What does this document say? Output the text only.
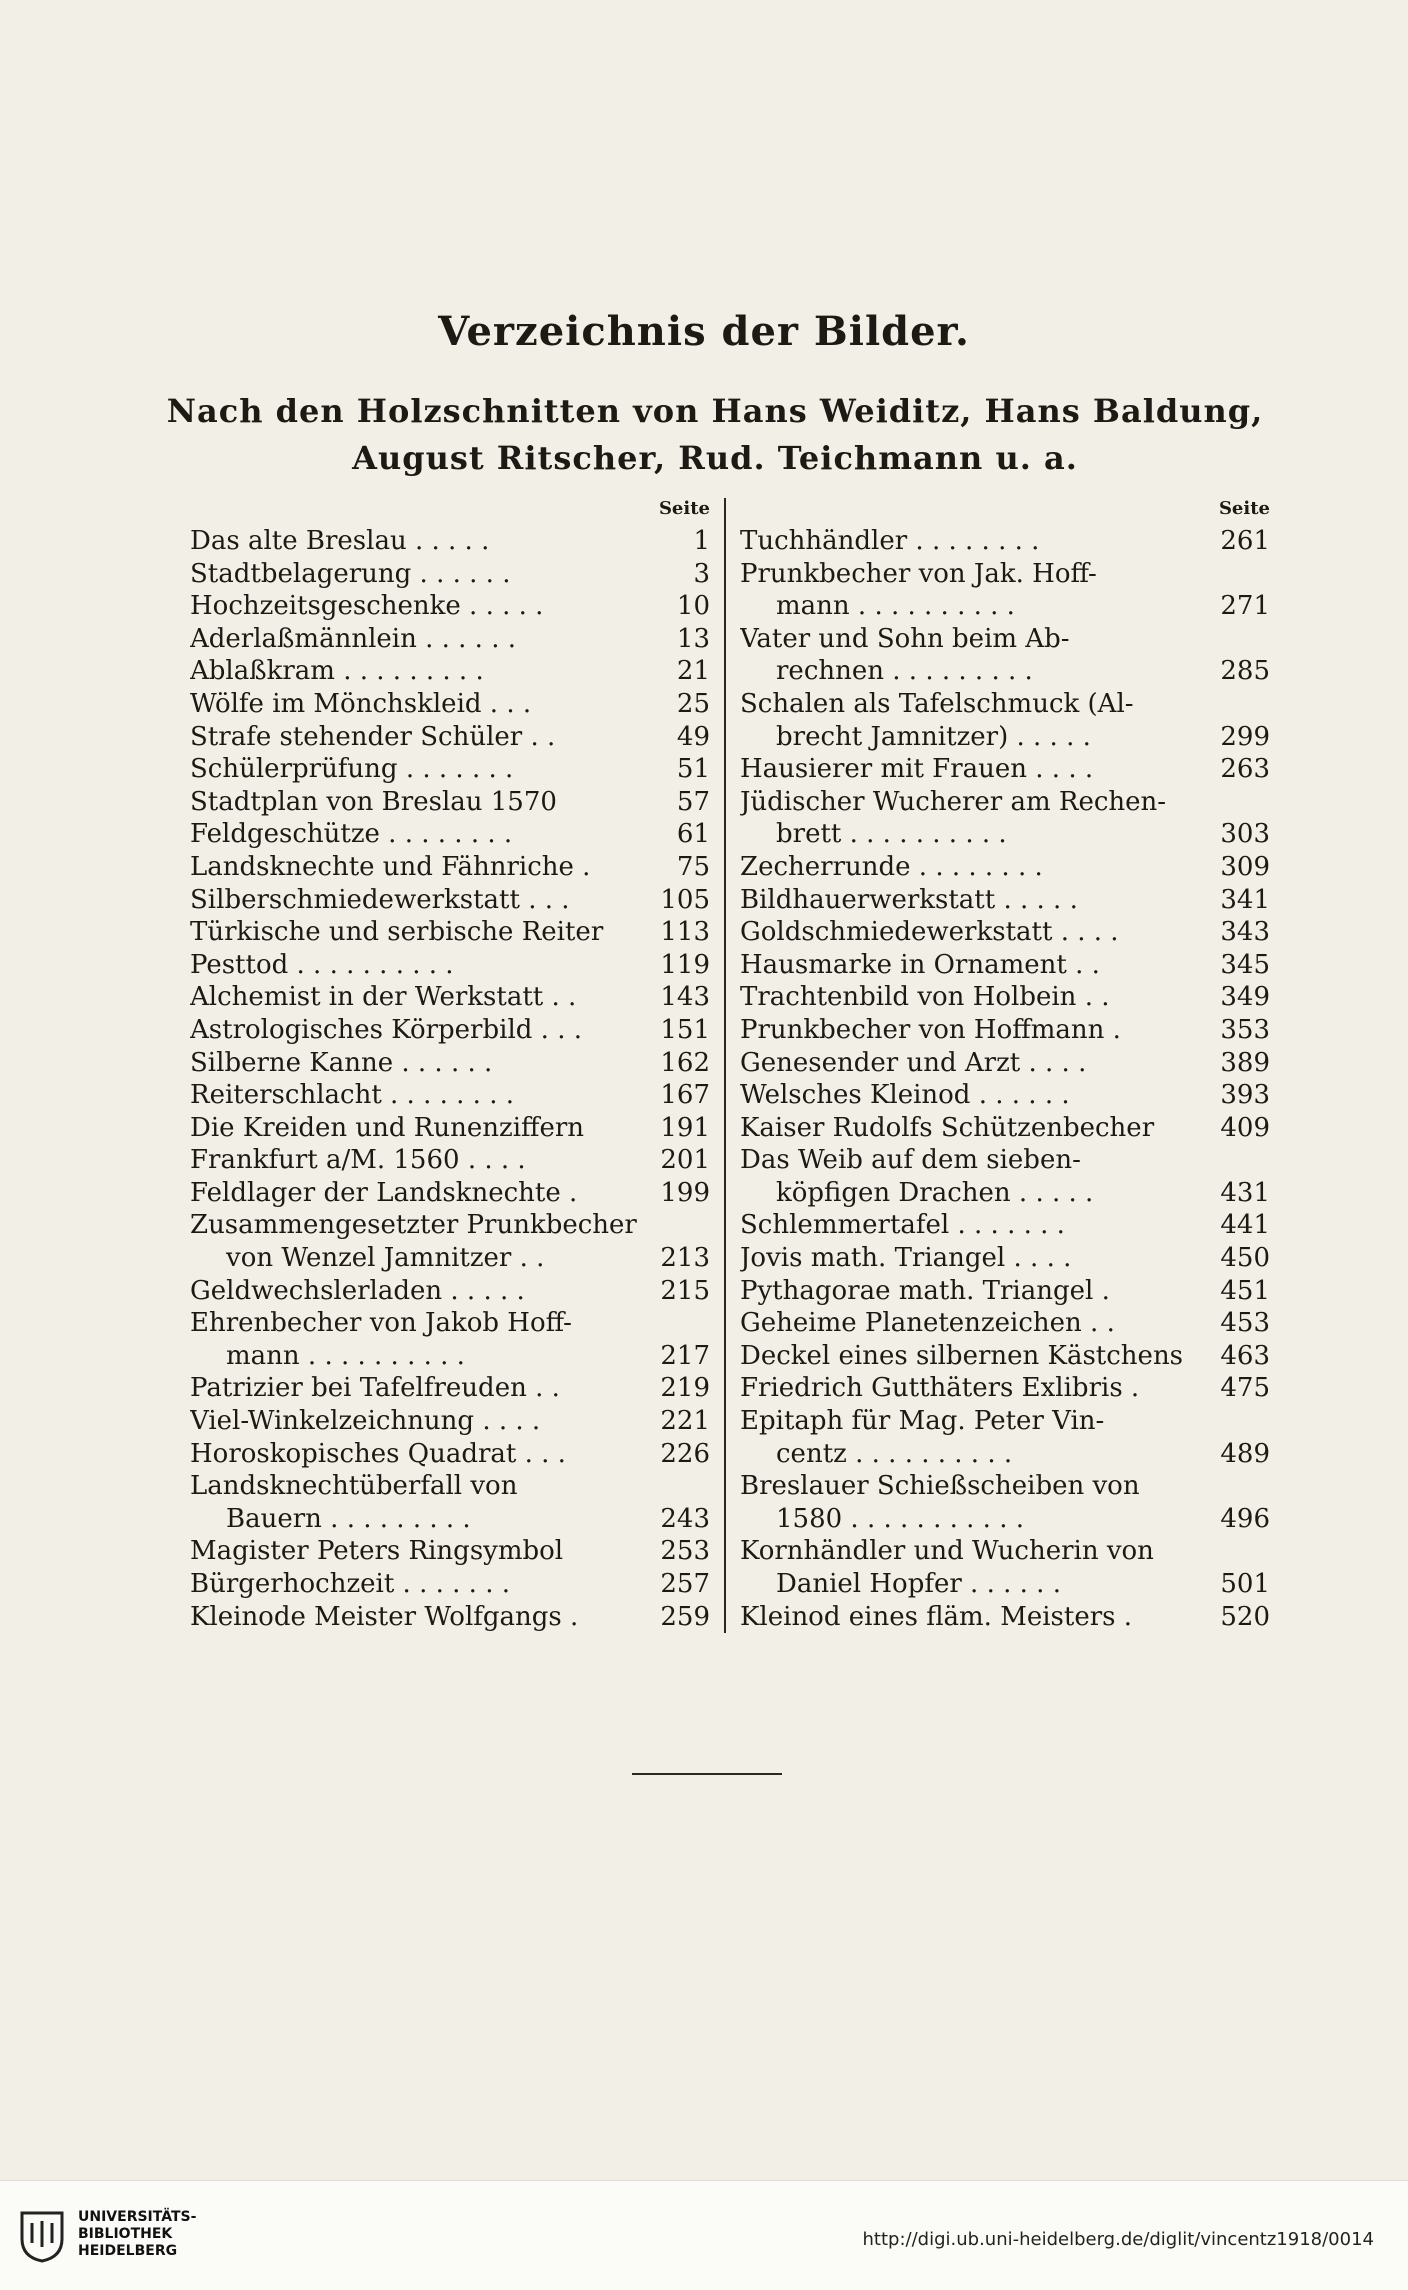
Verzeichnis der Bilder.
Nach den Holzschnitten von Hans Weiditz, Hans Baldung,
August Ritscher, Rud. Teichmann u. a.
Seite
Das alte Breslau . . . . .	1
Stadtbelagerung . . . . . .	3
Hochzeitsgeschenke . . . . .	10
Aderlaßmännlein . . . . . .	13
Ablaßkram . . . . . . . . .	21
Wölfe im Mönchskleid . . .	25
Strafe stehender Schüler . .	49
Schülerprüfung . . . . . . .	51
Stadtplan von Breslau 1570	57
Feldgeschütze . . . . . . . .	61
Landsknechte und Fähnriche .	75
Silberschmiedewerkstatt . . .	105
Türkische und serbische Reiter	113
Pesttod . . . . . . . . . .	119
Alchemist in der Werkstatt . .	143
Astrologisches Körperbild . . .	151
Silberne Kanne . . . . . .	162
Reiterschlacht . . . . . . . .	167
Die Kreiden und Runenziffern	191
Frankfurt a/M. 1560 . . . .	201
Feldlager der Landsknechte .	199
Zusammengesetzter Prunkbecher
von Wenzel Jamnitzer . .	213
Geldwechslerladen . . . . .	215
Ehrenbecher von Jakob Hoff-
mann . . . . . . . . . .	217
Patrizier bei Tafelfreuden . .	219
Viel-Winkelzeichnung . . . .	221
Horoskopisches Quadrat . . .	226
Landsknechtüberfall von
Bauern . . . . . . . . .	243
Magister Peters Ringsymbol	253
Bürgerhochzeit . . . . . . .	257
Kleinode Meister Wolfgangs .	259
Seite
Tuchhändler . . . . . . . .	261
Prunkbecher von Jak. Hoff-
mann . . . . . . . . . .	271
Vater und Sohn beim Ab-
rechnen . . . . . . . . .	285
Schalen als Tafelschmuck (Al-
brecht Jamnitzer) . . . . .	299
Hausierer mit Frauen . . . .	263
Jüdischer Wucherer am Rechen-
brett . . . . . . . . . .	303
Zecherrunde . . . . . . . .	309
Bildhauerwerkstatt . . . . .	341
Goldschmiedewerkstatt . . . .	343
Hausmarke in Ornament . .	345
Trachtenbild von Holbein . .	349
Prunkbecher von Hoffmann .	353
Genesender und Arzt . . . .	389
Welsches Kleinod . . . . . .	393
Kaiser Rudolfs Schützenbecher	409
Das Weib auf dem sieben-
köpfigen Drachen . . . . .	431
Schlemmertafel . . . . . . .	441
Jovis math. Triangel . . . .	450
Pythagorae math. Triangel .	451
Geheime Planetenzeichen . .	453
Deckel eines silbernen Kästchens	463
Friedrich Gutthäters Exlibris .	475
Epitaph für Mag. Peter Vin-
centz . . . . . . . . . .	489
Breslauer Schießscheiben von
1580 . . . . . . . . . . .	496
Kornhändler und Wucherin von
Daniel Hopfer . . . . . .	501
Kleinod eines fläm. Meisters .	520
UNIVERSITÄTS-
BIBLIOTHEK
HEIDELBERG
http://digi.ub.uni-heidelberg.de/diglit/vincentz1918/0014
